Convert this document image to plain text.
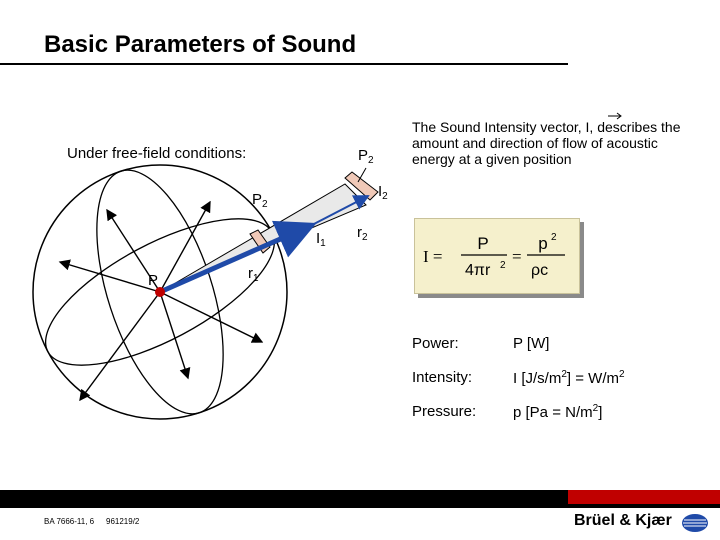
Basic Parameters of Sound
Under free-field conditions:
P
$P_2$
$P_2$
$I_2$
$I_1$
$r_2$
$r_1$
The Sound Intensity vector, I, describes the amount and direction of flow of acoustic energy at a given position
I =
P
4πr 2 =
p 2
ρc
Power:	P [W]
Intensity:	I $[J/s/m^2] = W/m^2$
Pressure: p $[Pa = N/m^2]$
BA 7666-11, 6 961219/2	Brüel & Kjær
